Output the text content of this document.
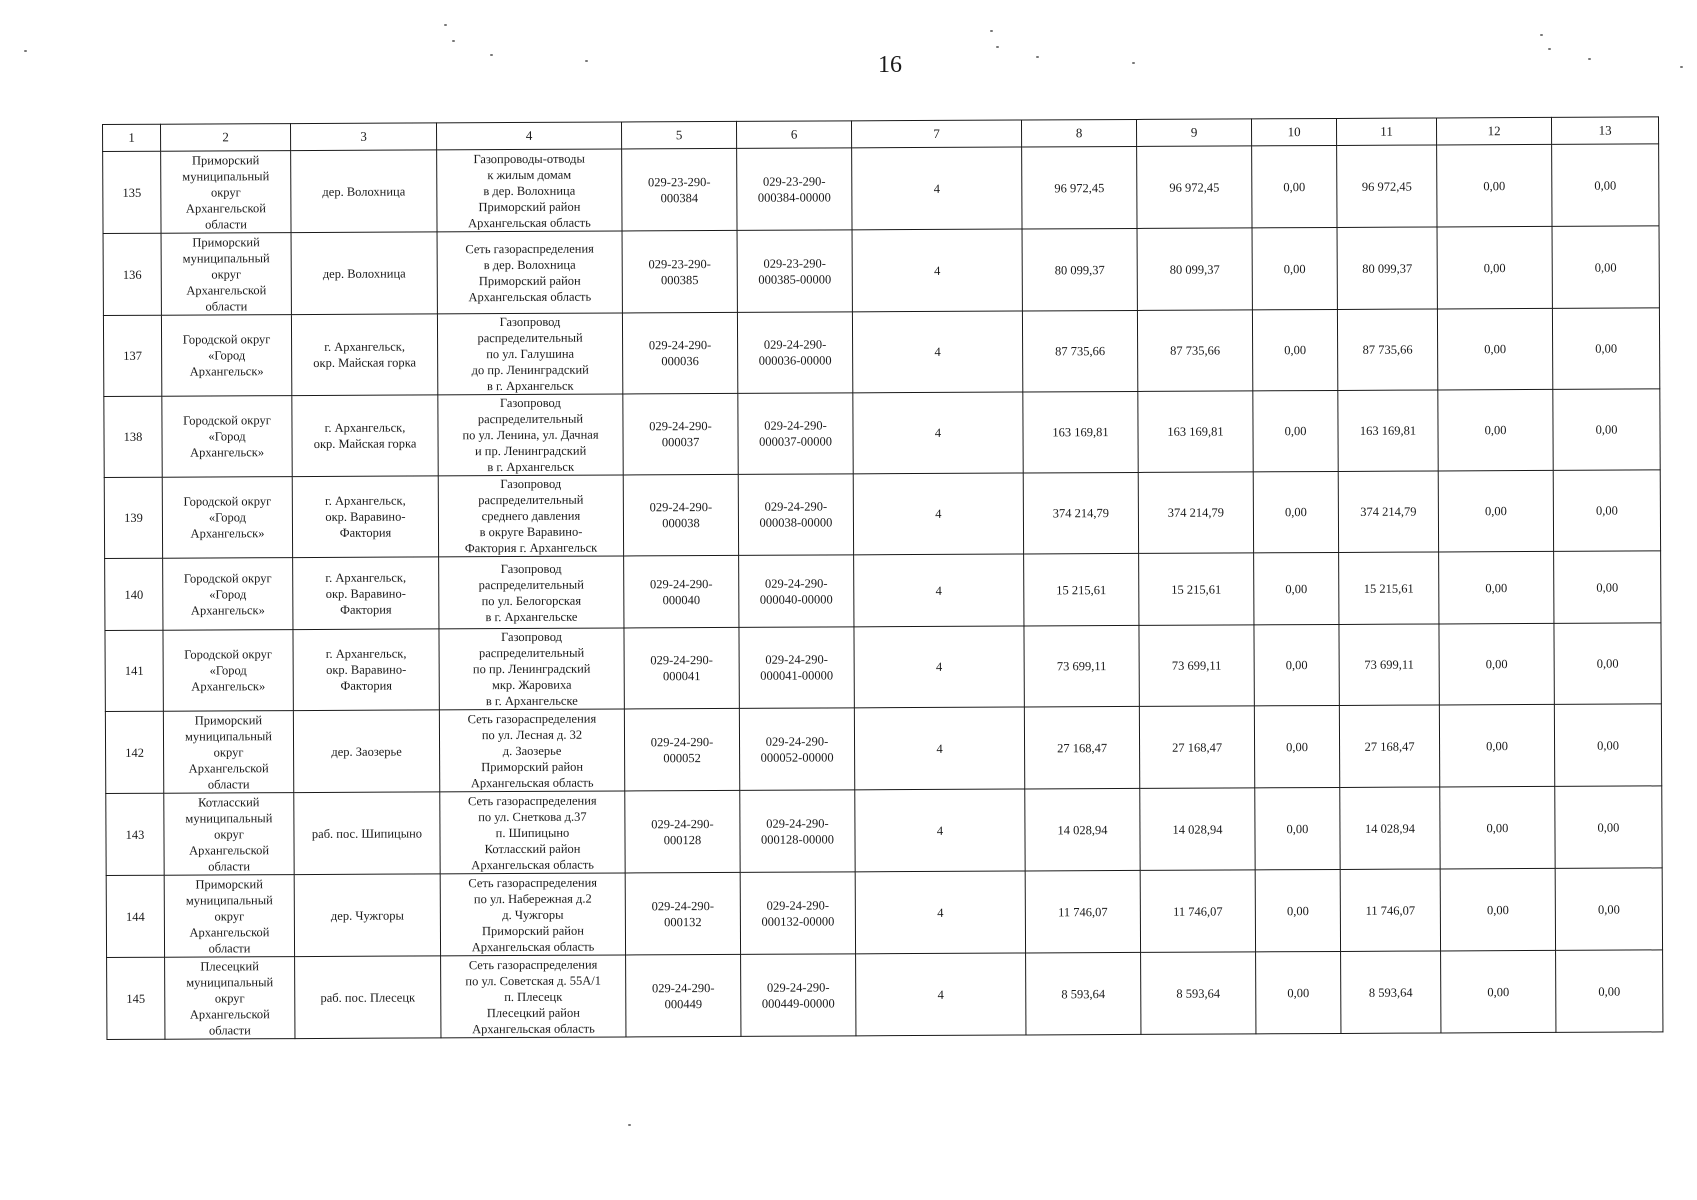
16
1	2	3	4	5	6	7	8	9	10	11	12	13
135	Приморский
муниципальный
округ
Архангельской
области	дер. Волохница	Газопроводы-отводы
к жилым домам
в дер. Волохница
Приморский район
Архангельская область	029-23-290-
000384	029-23-290-
000384-00000	4	96 972,45	96 972,45	0,00	96 972,45	0,00	0,00
136	Приморский
муниципальный
округ
Архангельской
области	дер. Волохница	Сеть газораспределения
в дер. Волохница
Приморский район
Архангельская область	029-23-290-
000385	029-23-290-
000385-00000	4	80 099,37	80 099,37	0,00	80 099,37	0,00	0,00
137	Городской округ
«Город
Архангельск»	г. Архангельск,
окр. Майская горка	Газопровод
распределительный
по ул. Галушина
до пр. Ленинградский
в г. Архангельск	029-24-290-
000036	029-24-290-
000036-00000	4	87 735,66	87 735,66	0,00	87 735,66	0,00	0,00
138	Городской округ
«Город
Архангельск»	г. Архангельск,
окр. Майская горка	Газопровод
распределительный
по ул. Ленина, ул. Дачная
и пр. Ленинградский
в г. Архангельск	029-24-290-
000037	029-24-290-
000037-00000	4	163 169,81	163 169,81	0,00	163 169,81	0,00	0,00
139	Городской округ
«Город
Архангельск»	г. Архангельск,
окр. Варавино-
Фактория	Газопровод
распределительный
среднего давления
в округе Варавино-
Фактория г. Архангельск	029-24-290-
000038	029-24-290-
000038-00000	4	374 214,79	374 214,79	0,00	374 214,79	0,00	0,00
140	Городской округ
«Город
Архангельск»	г. Архангельск,
окр. Варавино-
Фактория	Газопровод
распределительный
по ул. Белогорская
в г. Архангельске	029-24-290-
000040	029-24-290-
000040-00000	4	15 215,61	15 215,61	0,00	15 215,61	0,00	0,00
141	Городской округ
«Город
Архангельск»	г. Архангельск,
окр. Варавино-
Фактория	Газопровод
распределительный
по пр. Ленинградский
мкр. Жаровиха
в г. Архангельске	029-24-290-
000041	029-24-290-
000041-00000	4	73 699,11	73 699,11	0,00	73 699,11	0,00	0,00
142	Приморский
муниципальный
округ
Архангельской
области	дер. Заозерье	Сеть газораспределения
по ул. Лесная д. 32
д. Заозерье
Приморский район
Архангельская область	029-24-290-
000052	029-24-290-
000052-00000	4	27 168,47	27 168,47	0,00	27 168,47	0,00	0,00
143	Котласский
муниципальный
округ
Архангельской
области	раб. пос. Шипицыно	Сеть газораспределения
по ул. Снеткова д.37
п. Шипицыно
Котласский район
Архангельская область	029-24-290-
000128	029-24-290-
000128-00000	4	14 028,94	14 028,94	0,00	14 028,94	0,00	0,00
144	Приморский
муниципальный
округ
Архангельской
области	дер. Чужгоры	Сеть газораспределения
по ул. Набережная д.2
д. Чужгоры
Приморский район
Архангельская область	029-24-290-
000132	029-24-290-
000132-00000	4	11 746,07	11 746,07	0,00	11 746,07	0,00	0,00
145	Плесецкий
муниципальный
округ
Архангельской
области	раб. пос. Плесецк	Сеть газораспределения
по ул. Советская д. 55А/1
п. Плесецк
Плесецкий район
Архангельская область	029-24-290-
000449	029-24-290-
000449-00000	4	8 593,64	8 593,64	0,00	8 593,64	0,00	0,00
